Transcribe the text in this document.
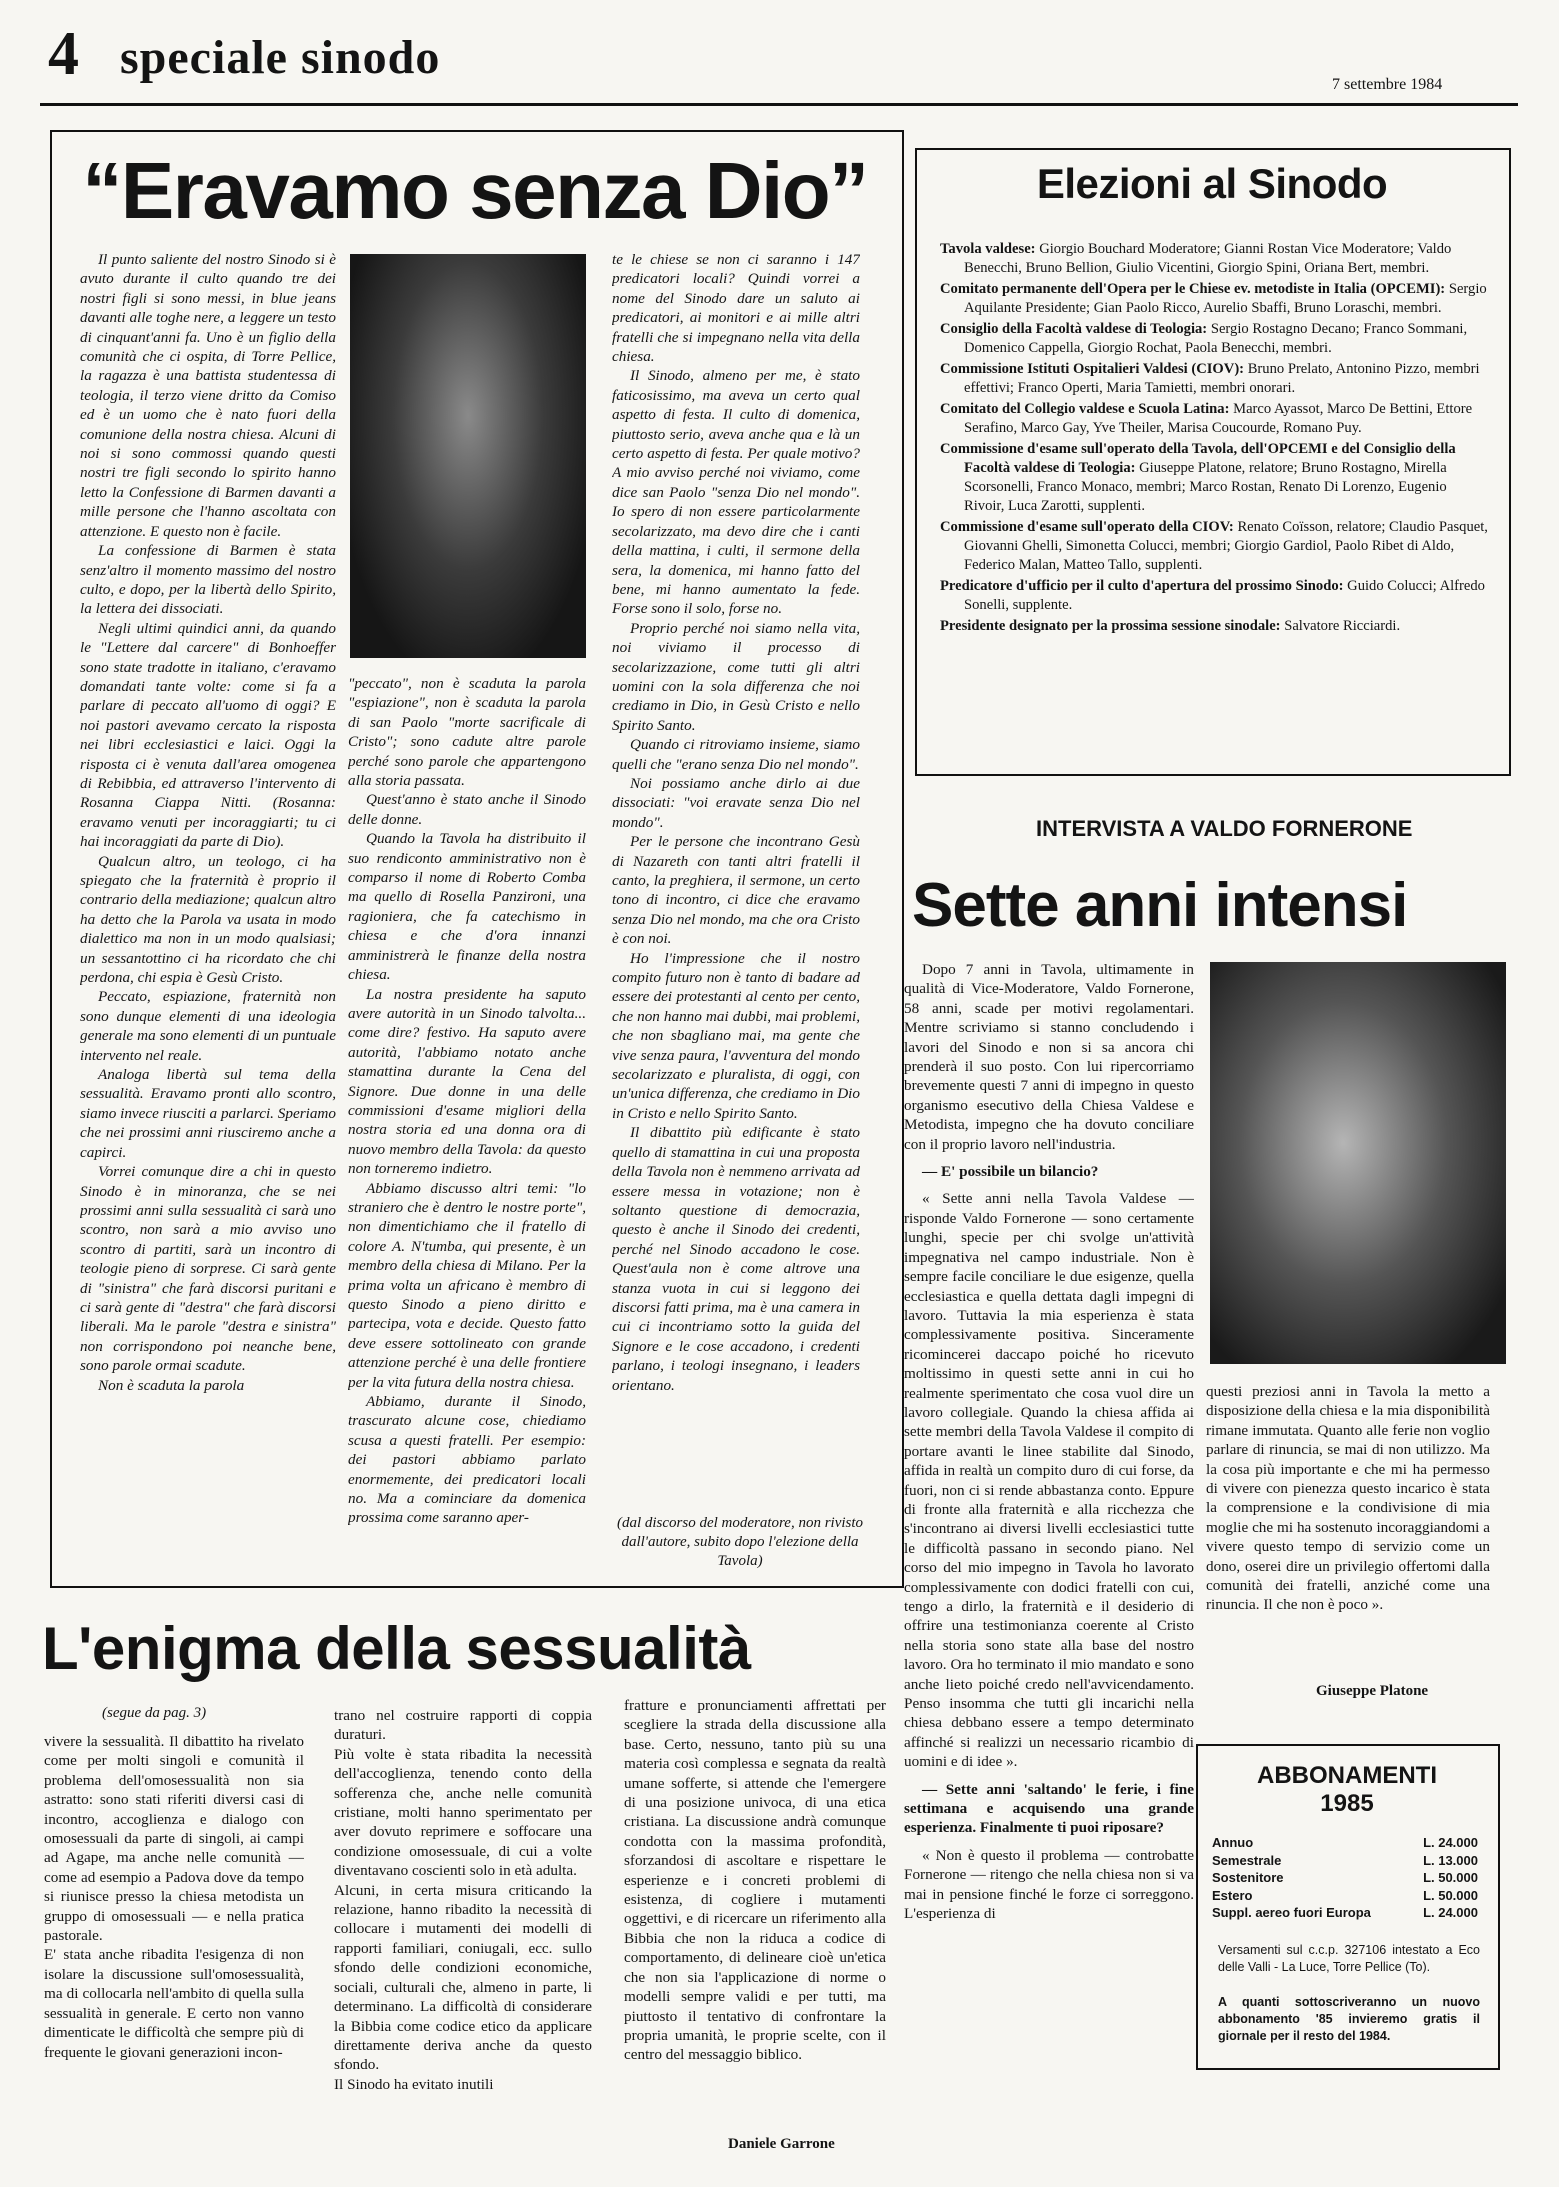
4 speciale sinodo
7 settembre 1984
“Eravamo senza Dio”

Il punto saliente del nostro Sinodo si è avuto durante il culto quando tre dei nostri figli si sono messi, in blue jeans davanti alle toghe nere, a leggere un testo di cinquant'anni fa. Uno è un figlio della comunità che ci ospita, di Torre Pellice, la ragazza è una battista studentessa di teologia, il terzo viene dritto da Comiso ed è un uomo che è nato fuori della comunione della nostra chiesa. Alcuni di noi si sono commossi quando questi nostri tre figli secondo lo spirito hanno letto la Confessione di Barmen davanti a mille persone che l'hanno ascoltata con attenzione. E questo non è facile.

La confessione di Barmen è stata senz'altro il momento massimo del nostro culto, e dopo, per la libertà dello Spirito, la lettera dei dissociati.

Negli ultimi quindici anni, da quando le "Lettere dal carcere" di Bonhoeffer sono state tradotte in italiano, c'eravamo domandati tante volte: come si fa a parlare di peccato all'uomo di oggi? E noi pastori avevamo cercato la risposta nei libri ecclesiastici e laici. Oggi la risposta ci è venuta dall'area omogenea di Rebibbia, ed attraverso l'intervento di Rosanna Ciappa Nitti. (Rosanna: eravamo venuti per incoraggiarti; tu ci hai incoraggiati da parte di Dio).

Qualcun altro, un teologo, ci ha spiegato che la fraternità è proprio il contrario della mediazione; qualcun altro ha detto che la Parola va usata in modo dialettico ma non in un modo qualsiasi; un sessantottino ci ha ricordato che chi perdona, chi espia è Gesù Cristo.

Peccato, espiazione, fraternità non sono dunque elementi di una ideologia generale ma sono elementi di un puntuale intervento nel reale.

Analoga libertà sul tema della sessualità. Eravamo pronti allo scontro, siamo invece riusciti a parlarci. Speriamo che nei prossimi anni riusciremo anche a capirci.

Vorrei comunque dire a chi in questo Sinodo è in minoranza, che se nei prossimi anni sulla sessualità ci sarà uno scontro, non sarà a mio avviso uno scontro di partiti, sarà un incontro di teologie pieno di sorprese. Ci sarà gente di "sinistra" che farà discorsi puritani e ci sarà gente di "destra" che farà discorsi liberali. Ma le parole "destra e sinistra" non corrispondono poi neanche bene, sono parole ormai scadute.

Non è scaduta la parola

"peccato", non è scaduta la parola "espiazione", non è scaduta la parola di san Paolo "morte sacrificale di Cristo"; sono cadute altre parole perché sono parole che appartengono alla storia passata.

Quest'anno è stato anche il Sinodo delle donne.

Quando la Tavola ha distribuito il suo rendiconto amministrativo non è comparso il nome di Roberto Comba ma quello di Rosella Panzironi, una ragioniera, che fa catechismo in chiesa e che d'ora innanzi amministrerà le finanze della nostra chiesa.

La nostra presidente ha saputo avere autorità in un Sinodo talvolta... come dire? festivo. Ha saputo avere autorità, l'abbiamo notato anche stamattina durante la Cena del Signore. Due donne in una delle commissioni d'esame migliori della nostra storia ed una donna ora di nuovo membro della Tavola: da questo non torneremo indietro.

Abbiamo discusso altri temi: "lo straniero che è dentro le nostre porte", non dimentichiamo che il fratello di colore A. N'tumba, qui presente, è un membro della chiesa di Milano. Per la prima volta un africano è membro di questo Sinodo a pieno diritto e partecipa, vota e decide. Questo fatto deve essere sottolineato con grande attenzione perché è una delle frontiere per la vita futura della nostra chiesa.

Abbiamo, durante il Sinodo, trascurato alcune cose, chiediamo scusa a questi fratelli. Per esempio: dei pastori abbiamo parlato enormemente, dei predicatori locali no. Ma a cominciare da domenica prossima come saranno aper-

te le chiese se non ci saranno i 147 predicatori locali? Quindi vorrei a nome del Sinodo dare un saluto ai predicatori, ai monitori e ai mille altri fratelli che si impegnano nella vita della chiesa.

Il Sinodo, almeno per me, è stato faticosissimo, ma aveva un certo qual aspetto di festa. Il culto di domenica, piuttosto serio, aveva anche qua e là un certo aspetto di festa. Per quale motivo? A mio avviso perché noi viviamo, come dice san Paolo "senza Dio nel mondo". Io spero di non essere particolarmente secolarizzato, ma devo dire che i canti della mattina, i culti, il sermone della sera, la domenica, mi hanno fatto del bene, mi hanno aumentato la fede. Forse sono il solo, forse no.

Proprio perché noi siamo nella vita, noi viviamo il processo di secolarizzazione, come tutti gli altri uomini con la sola differenza che noi crediamo in Dio, in Gesù Cristo e nello Spirito Santo.

Quando ci ritroviamo insieme, siamo quelli che "erano senza Dio nel mondo".

Noi possiamo anche dirlo ai due dissociati: "voi eravate senza Dio nel mondo".

Per le persone che incontrano Gesù di Nazareth con tanti altri fratelli il canto, la preghiera, il sermone, un certo tono di incontro, ci dice che eravamo senza Dio nel mondo, ma che ora Cristo è con noi.

Ho l'impressione che il nostro compito futuro non è tanto di badare ad essere dei protestanti al cento per cento, che non hanno mai dubbi, mai problemi, che non sbagliano mai, ma gente che vive senza paura, l'avventura del mondo secolarizzato e pluralista, di oggi, con un'unica differenza, che crediamo in Dio in Cristo e nello Spirito Santo.

Il dibattito più edificante è stato quello di stamattina in cui una proposta della Tavola non è nemmeno arrivata ad essere messa in votazione; non è soltanto questione di democrazia, questo è anche il Sinodo dei credenti, perché nel Sinodo accadono le cose. Quest'aula non è come altrove una stanza vuota in cui si leggono dei discorsi fatti prima, ma è una camera in cui ci incontriamo sotto la guida del Signore e le cose accadono, i credenti parlano, i teologi insegnano, i leaders orientano.

(dal discorso del moderatore, non rivisto dall'autore, subito dopo l'elezione della Tavola)
Elezioni al Sinodo

Tavola valdese: Giorgio Bouchard Moderatore; Gianni Rostan Vice Moderatore; Valdo Benecchi, Bruno Bellion, Giulio Vicentini, Giorgio Spini, Oriana Bert, membri.

Comitato permanente dell'Opera per le Chiese ev. metodiste in Italia (OPCEMI): Sergio Aquilante Presidente; Gian Paolo Ricco, Aurelio Sbaffi, Bruno Loraschi, membri.

Consiglio della Facoltà valdese di Teologia: Sergio Rostagno Decano; Franco Sommani, Domenico Cappella, Giorgio Rochat, Paola Benecchi, membri.

Commissione Istituti Ospitalieri Valdesi (CIOV): Bruno Prelato, Antonino Pizzo, membri effettivi; Franco Operti, Maria Tamietti, membri onorari.

Comitato del Collegio valdese e Scuola Latina: Marco Ayassot, Marco De Bettini, Ettore Serafino, Marco Gay, Yve Theiler, Marisa Coucourde, Romano Puy.

Commissione d'esame sull'operato della Tavola, dell'OPCEMI e del Consiglio della Facoltà valdese di Teologia: Giuseppe Platone, relatore; Bruno Rostagno, Mirella Scorsonelli, Franco Monaco, membri; Marco Rostan, Renato Di Lorenzo, Eugenio Rivoir, Luca Zarotti, supplenti.

Commissione d'esame sull'operato della CIOV: Renato Coïsson, relatore; Claudio Pasquet, Giovanni Ghelli, Simonetta Colucci, membri; Giorgio Gardiol, Paolo Ribet di Aldo, Federico Malan, Matteo Tallo, supplenti.

Predicatore d'ufficio per il culto d'apertura del prossimo Sinodo: Guido Colucci; Alfredo Sonelli, supplente.

Presidente designato per la prossima sessione sinodale: Salvatore Ricciardi.

INTERVISTA A VALDO FORNERONE
Sette anni intensi

Dopo 7 anni in Tavola, ultimamente in qualità di Vice-Moderatore, Valdo Fornerone, 58 anni, scade per motivi regolamentari. Mentre scriviamo si stanno concludendo i lavori del Sinodo e non si sa ancora chi prenderà il suo posto. Con lui ripercorriamo brevemente questi 7 anni di impegno in questo organismo esecutivo della Chiesa Valdese e Metodista, impegno che ha dovuto conciliare con il proprio lavoro nell'industria.

— E' possibile un bilancio?

« Sette anni nella Tavola Valdese — risponde Valdo Fornerone — sono certamente lunghi, specie per chi svolge un'attività impegnativa nel campo industriale. Non è sempre facile conciliare le due esigenze, quella ecclesiastica e quella dettata dagli impegni di lavoro. Tuttavia la mia esperienza è stata complessivamente positiva. Sinceramente ricomincerei daccapo poiché ho ricevuto moltissimo in questi sette anni in cui ho realmente sperimentato che cosa vuol dire un lavoro collegiale. Quando la chiesa affida ai sette membri della Tavola Valdese il compito di portare avanti le linee stabilite dal Sinodo, affida in realtà un compito duro di cui forse, da fuori, non ci si rende abbastanza conto. Eppure di fronte alla fraternità e alla ricchezza che s'incontrano ai diversi livelli ecclesiastici tutte le difficoltà passano in secondo piano. Nel corso del mio impegno in Tavola ho lavorato complessivamente con dodici fratelli con cui, tengo a dirlo, la fraternità e il desiderio di offrire una testimonianza coerente al Cristo nella storia sono state alla base del nostro lavoro. Ora ho terminato il mio mandato e sono anche lieto poiché credo nell'avvicendamento. Penso insomma che tutti gli incarichi nella chiesa debbano essere a tempo determinato affinché si realizzi un necessario ricambio di uomini e di idee ».

— Sette anni 'saltando' le ferie, i fine settimana e acquisendo una grande esperienza. Finalmente ti puoi riposare?

« Non è questo il problema — controbatte Fornerone — ritengo che nella chiesa non si va mai in pensione finché le forze ci sorreggono. L'esperienza di

questi preziosi anni in Tavola la metto a disposizione della chiesa e la mia disponibilità rimane immutata. Quanto alle ferie non voglio parlare di rinuncia, se mai di non utilizzo. Ma la cosa più importante e che mi ha permesso di vivere con pienezza questo incarico è stata la comprensione e la condivisione di mia moglie che mi ha sostenuto incoraggiandomi a vivere questo tempo di servizio come un dono, oserei dire un privilegio offertomi dalla comunità dei fratelli, anziché come una rinuncia. Il che non è poco ».

Giuseppe Platone
ABBONAMENTI
1985
Annuo	L. 24.000
Semestrale	L. 13.000
Sostenitore	L. 50.000
Estero	L. 50.000
Suppl. aereo fuori Europa	L. 24.000
Versamenti sul c.c.p. 327106 intestato a Eco delle Valli - La Luce, Torre Pellice (To).
A quanti sottoscriveranno un nuovo abbonamento '85 invieremo gratis il giornale per il resto del 1984.
L'enigma della sessualità
(segue da pag. 3)
vivere la sessualità. Il dibattito ha rivelato come per molti singoli e comunità il problema dell'omosessualità non sia astratto: sono stati riferiti diversi casi di incontro, accoglienza e dialogo con omosessuali da parte di singoli, ai campi ad Agape, ma anche nelle comunità — come ad esempio a Padova dove da tempo si riunisce presso la chiesa metodista un gruppo di omosessuali — e nella pratica pastorale.
E' stata anche ribadita l'esigenza di non isolare la discussione sull'omosessualità, ma di collocarla nell'ambito di quella sulla sessualità in generale. E certo non vanno dimenticate le difficoltà che sempre più di frequente le giovani generazioni incon-
trano nel costruire rapporti di coppia duraturi.
Più volte è stata ribadita la necessità dell'accoglienza, tenendo conto della sofferenza che, anche nelle comunità cristiane, molti hanno sperimentato per aver dovuto reprimere e soffocare una condizione omosessuale, di cui a volte diventavano coscienti solo in età adulta.
Alcuni, in certa misura criticando la relazione, hanno ribadito la necessità di collocare i mutamenti dei modelli di rapporti familiari, coniugali, ecc. sullo sfondo delle condizioni economiche, sociali, culturali che, almeno in parte, li determinano. La difficoltà di considerare la Bibbia come codice etico da applicare direttamente deriva anche da questo sfondo.
Il Sinodo ha evitato inutili
fratture e pronunciamenti affrettati per scegliere la strada della discussione alla base. Certo, nessuno, tanto più su una materia così complessa e segnata da realtà umane sofferte, si attende che l'emergere di una posizione univoca, di una etica cristiana. La discussione andrà comunque condotta con la massima profondità, sforzandosi di ascoltare e rispettare le esperienze e i concreti problemi di esistenza, di cogliere i mutamenti oggettivi, e di ricercare un riferimento alla Bibbia che non la riduca a codice di comportamento, di delineare cioè un'etica che non sia l'applicazione di norme o modelli sempre validi e per tutti, ma piuttosto il tentativo di confrontare la propria umanità, le proprie scelte, con il centro del messaggio biblico.
Daniele Garrone
